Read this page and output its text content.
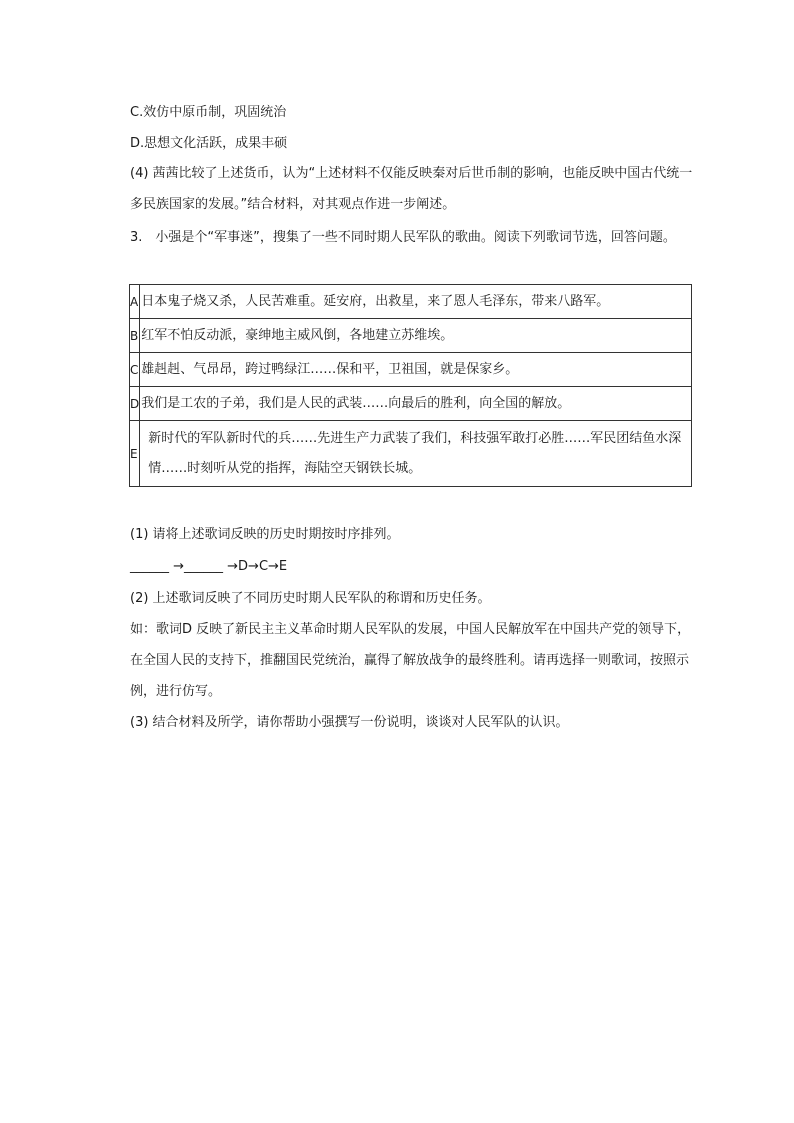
C.效仿中原币制，巩固统治
D.思想文化活跃，成果丰硕
(4) 茜茜比较了上述货币，认为“上述材料不仅能反映秦对后世币制的影响，也能反映中国古代统一多民族国家的发展。”结合材料，对其观点作进一步阐述。
3.　小强是个“军事迷”，搜集了一些不同时期人民军队的歌曲。阅读下列歌词节选，回答问题。
A	日本鬼子烧又杀，人民苦难重。延安府，出救星，来了恩人毛泽东，带来八路军。
B	红军不怕反动派，豪绅地主威风倒，各地建立苏维埃。
C	雄赳赳、气昂昂，跨过鸭绿江……保和平，卫祖国，就是保家乡。
D	我们是工农的子弟，我们是人民的武装……向最后的胜利，向全国的解放。
E	新时代的军队新时代的兵……先进生产力武装了我们，科技强军敢打必胜……军民团结鱼水深情……时刻听从党的指挥，海陆空天钢铁长城。
(1) 请将上述歌词反映的历史时期按时序排列。
______ →______ →D→C→E
(2) 上述歌词反映了不同历史时期人民军队的称谓和历史任务。
如：歌词D 反映了新民主主义革命时期人民军队的发展，中国人民解放军在中国共产党的领导下，在全国人民的支持下，推翻国民党统治，赢得了解放战争的最终胜利。请再选择一则歌词，按照示例，进行仿写。
(3) 结合材料及所学，请你帮助小强撰写一份说明，谈谈对人民军队的认识。
